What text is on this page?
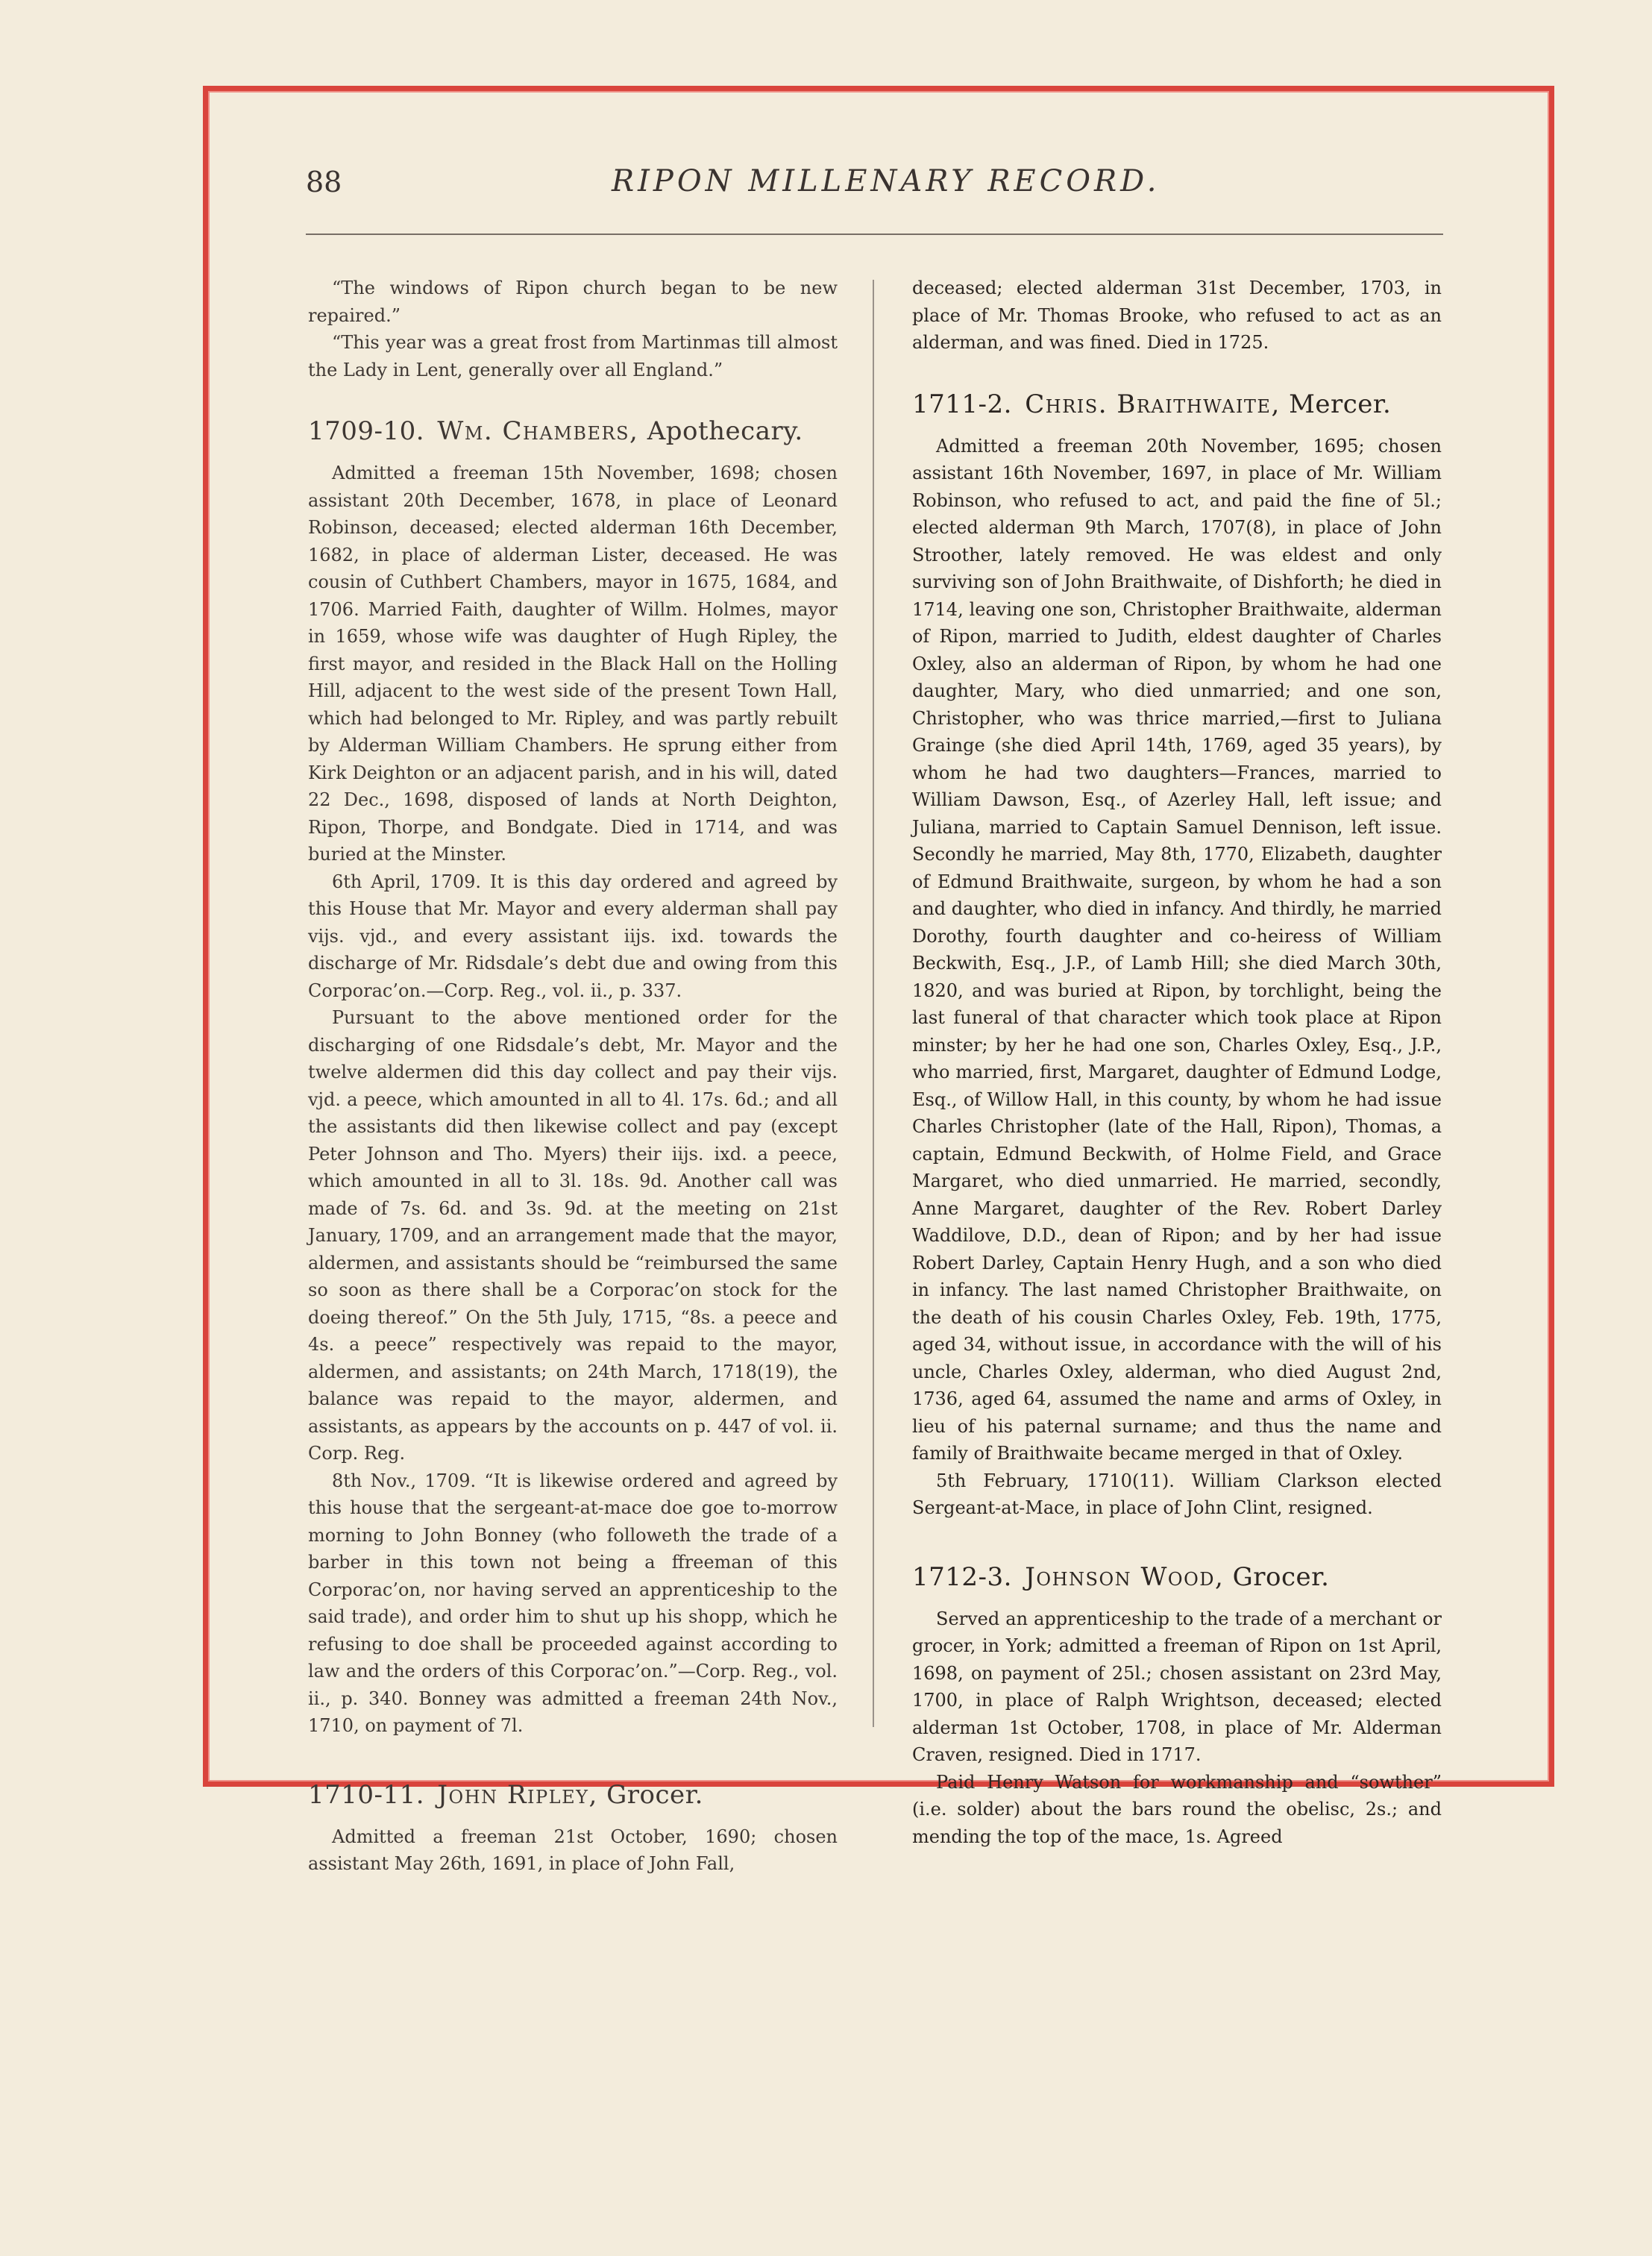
88	RIPON MILLENARY RECORD.

“The windows of Ripon church began to be new repaired.”

“This year was a great frost from Martinmas till almost the Lady in Lent, generally over all England.”

1709-10. Wm. Chambers, Apothecary.

Admitted a freeman 15th November, 1698; chosen assistant 20th December, 1678, in place of Leonard Robinson, deceased; elected alderman 16th December, 1682, in place of alderman Lister, deceased. He was cousin of Cuthbert Chambers, mayor in 1675, 1684, and 1706. Married Faith, daughter of Willm. Holmes, mayor in 1659, whose wife was daughter of Hugh Ripley, the first mayor, and resided in the Black Hall on the Holling Hill, adjacent to the west side of the present Town Hall, which had belonged to Mr. Ripley, and was partly rebuilt by Alderman William Chambers. He sprung either from Kirk Deighton or an adjacent parish, and in his will, dated 22 Dec., 1698, disposed of lands at North Deighton, Ripon, Thorpe, and Bondgate. Died in 1714, and was buried at the Minster.

6th April, 1709. It is this day ordered and agreed by this House that Mr. Mayor and every alderman shall pay vijs. vjd., and every assistant iijs. ixd. towards the discharge of Mr. Ridsdale’s debt due and owing from this Corporac’on.—Corp. Reg., vol. ii., p. 337.

Pursuant to the above mentioned order for the discharging of one Ridsdale’s debt, Mr. Mayor and the twelve aldermen did this day collect and pay their vijs. vjd. a peece, which amounted in all to 4l. 17s. 6d.; and all the assistants did then likewise collect and pay (except Peter Johnson and Tho. Myers) their iijs. ixd. a peece, which amounted in all to 3l. 18s. 9d. Another call was made of 7s. 6d. and 3s. 9d. at the meeting on 21st January, 1709, and an arrangement made that the mayor, aldermen, and assistants should be “reimbursed the same so soon as there shall be a Corporac’on stock for the doeing thereof.” On the 5th July, 1715, “8s. a peece and 4s. a peece” respectively was repaid to the mayor, aldermen, and assistants; on 24th March, 1718(19), the balance was repaid to the mayor, aldermen, and assistants, as appears by the accounts on p. 447 of vol. ii. Corp. Reg.

8th Nov., 1709. “It is likewise ordered and agreed by this house that the sergeant-at-mace doe goe to-morrow morning to John Bonney (who followeth the trade of a barber in this town not being a ffreeman of this Corporac’on, nor having served an apprenticeship to the said trade), and order him to shut up his shopp, which he refusing to doe shall be proceeded against according to law and the orders of this Corporac’on.”—Corp. Reg., vol. ii., p. 340. Bonney was admitted a freeman 24th Nov., 1710, on payment of 7l.

1710-11. John Ripley, Grocer.

Admitted a freeman 21st October, 1690; chosen assistant May 26th, 1691, in place of John Fall,

deceased; elected alderman 31st December, 1703, in place of Mr. Thomas Brooke, who refused to act as an alderman, and was fined. Died in 1725.

1711-2. Chris. Braithwaite, Mercer.

Admitted a freeman 20th November, 1695; chosen assistant 16th November, 1697, in place of Mr. William Robinson, who refused to act, and paid the fine of 5l.; elected alderman 9th March, 1707(8), in place of John Stroother, lately removed. He was eldest and only surviving son of John Braithwaite, of Dishforth; he died in 1714, leaving one son, Christopher Braithwaite, alderman of Ripon, married to Judith, eldest daughter of Charles Oxley, also an alderman of Ripon, by whom he had one daughter, Mary, who died unmarried; and one son, Christopher, who was thrice married,—first to Juliana Grainge (she died April 14th, 1769, aged 35 years), by whom he had two daughters—Frances, married to William Dawson, Esq., of Azerley Hall, left issue; and Juliana, married to Captain Samuel Dennison, left issue. Secondly he married, May 8th, 1770, Elizabeth, daughter of Edmund Braithwaite, surgeon, by whom he had a son and daughter, who died in infancy. And thirdly, he married Dorothy, fourth daughter and co-heiress of William Beckwith, Esq., J.P., of Lamb Hill; she died March 30th, 1820, and was buried at Ripon, by torchlight, being the last funeral of that character which took place at Ripon minster; by her he had one son, Charles Oxley, Esq., J.P., who married, first, Margaret, daughter of Edmund Lodge, Esq., of Willow Hall, in this county, by whom he had issue Charles Christopher (late of the Hall, Ripon), Thomas, a captain, Edmund Beckwith, of Holme Field, and Grace Margaret, who died unmarried. He married, secondly, Anne Margaret, daughter of the Rev. Robert Darley Waddilove, D.D., dean of Ripon; and by her had issue Robert Darley, Captain Henry Hugh, and a son who died in infancy. The last named Christopher Braithwaite, on the death of his cousin Charles Oxley, Feb. 19th, 1775, aged 34, without issue, in accordance with the will of his uncle, Charles Oxley, alderman, who died August 2nd, 1736, aged 64, assumed the name and arms of Oxley, in lieu of his paternal surname; and thus the name and family of Braithwaite became merged in that of Oxley.

5th February, 1710(11). William Clarkson elected Sergeant-at-Mace, in place of John Clint, resigned.

1712-3. Johnson Wood, Grocer.

Served an apprenticeship to the trade of a merchant or grocer, in York; admitted a freeman of Ripon on 1st April, 1698, on payment of 25l.; chosen assistant on 23rd May, 1700, in place of Ralph Wrightson, deceased; elected alderman 1st October, 1708, in place of Mr. Alderman Craven, resigned. Died in 1717.

Paid Henry Watson for workmanship and “sowther” (i.e. solder) about the bars round the obelisc, 2s.; and mending the top of the mace, 1s. Agreed
